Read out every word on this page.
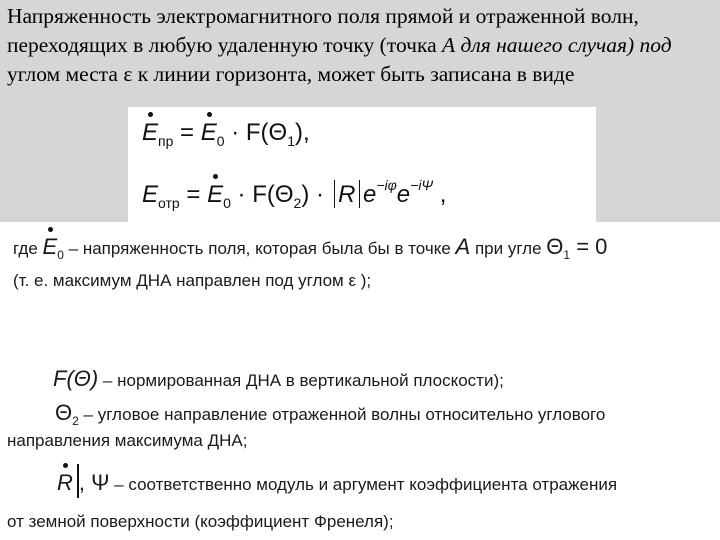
Напряженность электромагнитного поля прямой и отраженной волн, переходящих в любую удаленную точку (точка А для нашего случая) под углом места ε к линии горизонта, может быть записана в виде

$E_{пр}$ =
$E_0 \cdot F(\Theta_1)$,
$E_{отр}$ =
$E_0 \cdot F(\Theta_2) \cdot R$ $e^{-i\varphi}e^{-i\Psi}$ ,
где
$E_0$ – напряженность поля, которая была бы в точке А при угле $\Theta_1 = 0$
(т. е. максимум ДНА направлен под углом ε );
F(Θ) – нормированная ДНА в вертикальной плоскости);
$\Theta_2$ – угловое направление отраженной волны относительно углового
направления максимума ДНА;
R , Ψ – соответственно модуль и аргумент коэффициента отражения
от земной поверхности (коэффициент Френеля);
